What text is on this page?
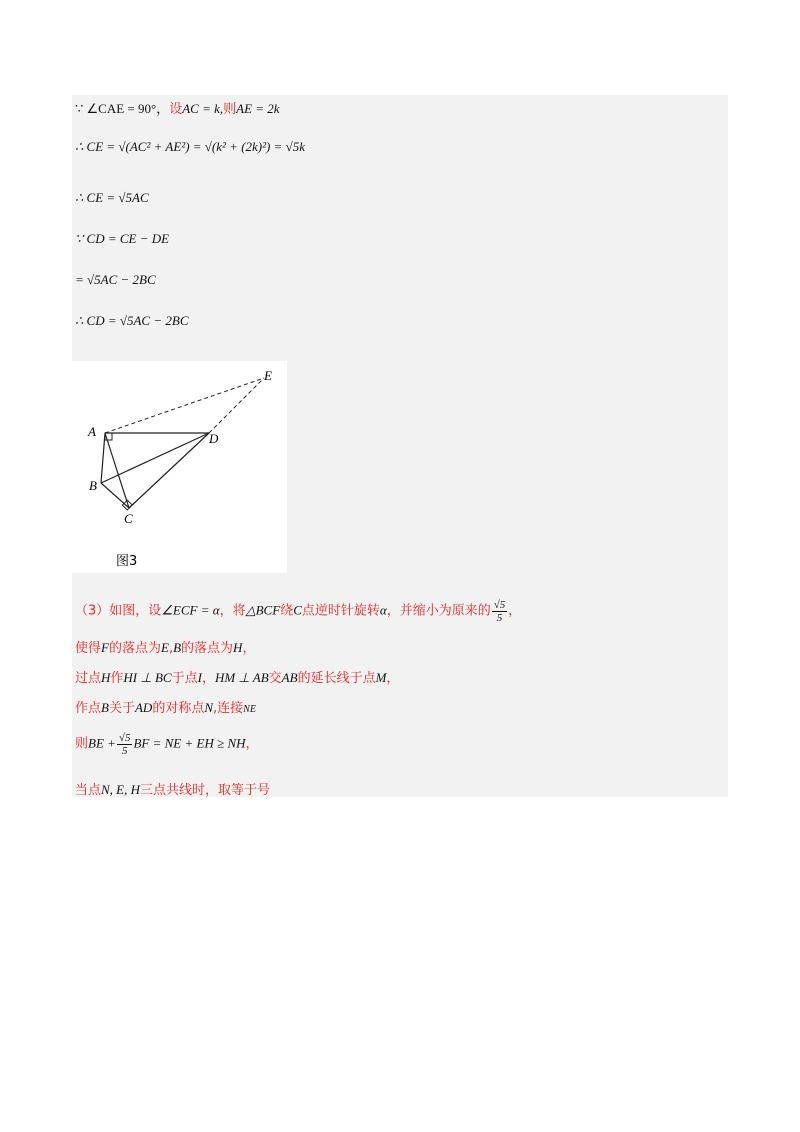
∵ ∠CAE = 90°，设AC = k,则AE = 2k
∴ CE = √(AC² + AE²) = √(k² + (2k)²) = √5k
∴ CE = √5AC
∵ CD = CE − DE
= √5AC − 2BC
∴ CD = √5AC − 2BC
A
B
C
D
E
图3
（3）如图，设∠ECF = α，将△BCF绕C点逆时针旋转α，并缩小为原来的 $\frac{√5}{5}$ ，
使得F的落点为E,B的落点为H，
过点H作HI ⊥ BC于点I，HM ⊥ AB交AB的延长线于点M，
作点B关于AD的对称点N,连接NE
则BE + $\frac{√5}{5}$ BF = NE + EH ≥ NH，
当点N, E, H三点共线时，取等于号
